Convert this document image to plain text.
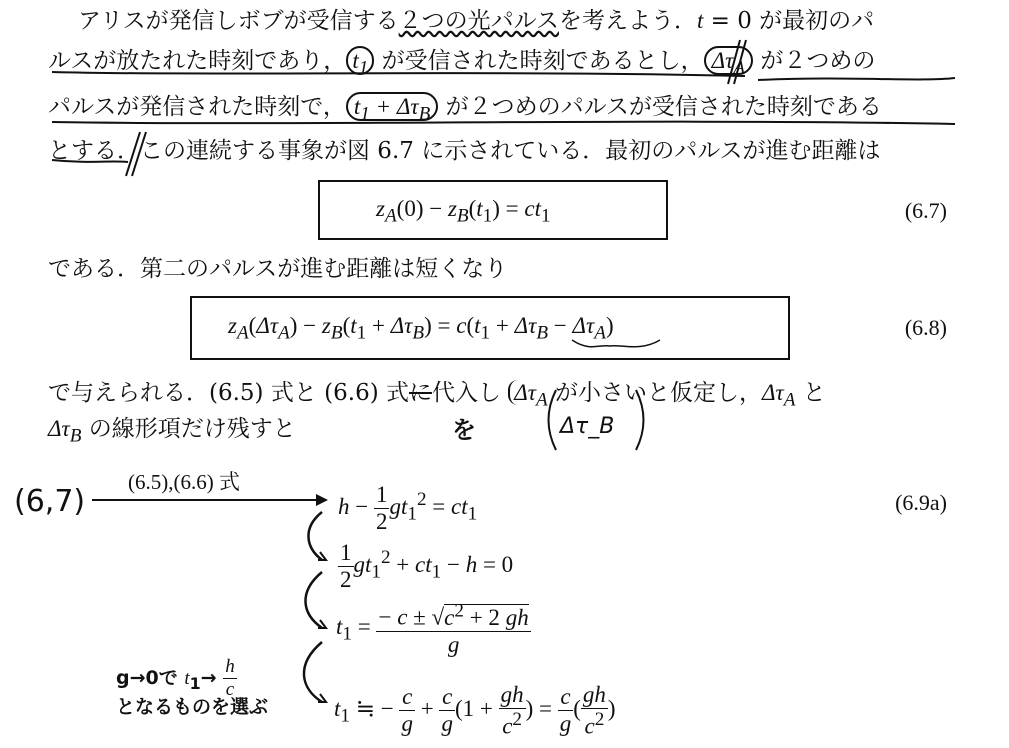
アリスが発信しボブが受信する２つの光パルスを考えよう．t = 0 が最初のパ
ルスが放たれた時刻であり， $t_1$ が受信された時刻であるとし， $\Delta\tau_A$ が２つめの
パルスが発信された時刻で， $t_1 + \Delta\tau_B$ が２つめのパルスが受信された時刻である
とする．この連続する事象が図 6.7 に示されている．最初のパルスが進む距離は
$z_A(0) - z_B(t_1) = ct_1$	(6.7)
である．第二のパルスが進む距離は短くなり
$z_A(\Delta\tau_A) - z_B(t_1 + \Delta\tau_B) = c(t_1 + \Delta\tau_B - \Delta\tau_A)$	(6.8)
で与えられる．(6.5) 式と (6.6) 式に代入し $\Delta\tau_A$ が小さいと仮定し，$\Delta\tau_A$ と
$\Delta\tau_B$ の線形項だけ残すと	を	Δτ_B
(6,7)
(6.5),(6.6) 式
$h - \frac{1}{2} gt_1^2 = ct_1$	(6.9a)
$\frac{1}{2} gt_1^2 + ct_1 - h = 0$
$t_1 = \frac{- c \pm √c^2 + 2 gh}{g}$
$t_1$ ≒ − $\frac{c}{g} + \frac{c}{g} (1 + \frac{gh}{c^2}$ ) = $\frac{c}{g}$ ( $\frac{gh}{c^2}$ )
g→0で $t_1\to \frac{h}{c}$
となるものを選ぶ
